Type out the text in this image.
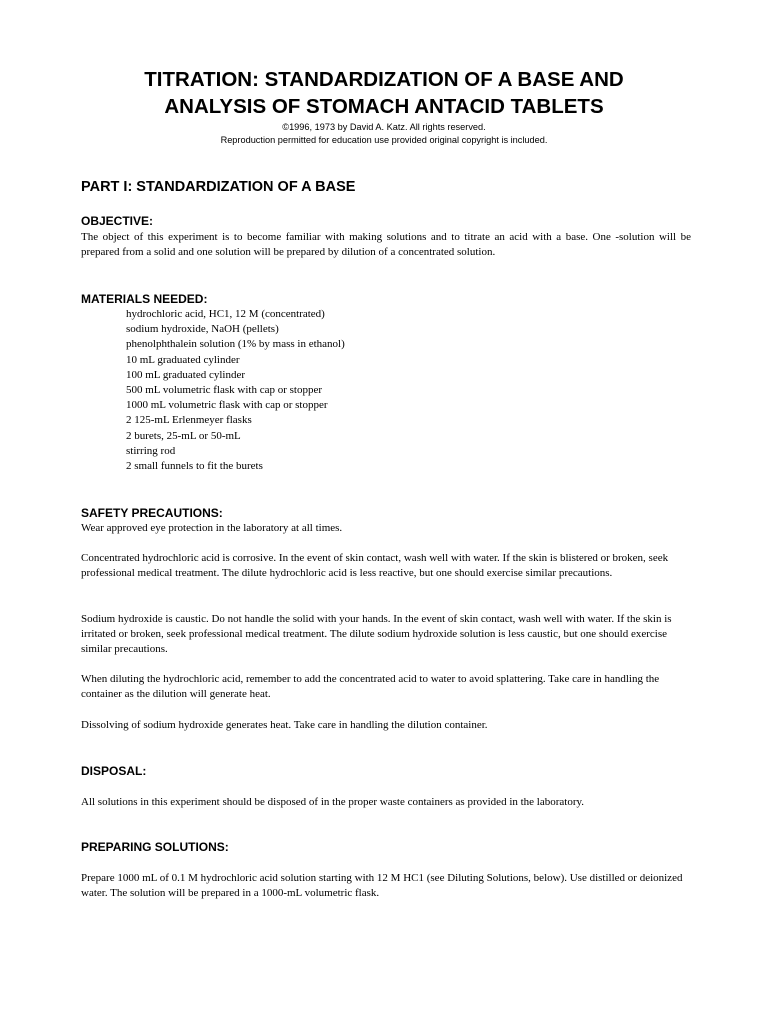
TITRATION: STANDARDIZATION OF A BASE AND
ANALYSIS OF STOMACH ANTACID TABLETS
©1996, 1973 by David A. Katz. All rights reserved.
Reproduction permitted for education use provided original copyright is included.
PART I: STANDARDIZATION OF A BASE
OBJECTIVE:

The object of this experiment is to become familiar with making solutions and to titrate an acid with a base. One -solution will be prepared from a solid and one solution will be prepared by dilution of a concentrated solution.

MATERIALS NEEDED:
hydrochloric acid, HC1, 12 M (concentrated)
sodium hydroxide, NaOH (pellets)
phenolphthalein solution (1% by mass in ethanol)
10 mL graduated cylinder
100 mL graduated cylinder
500 mL volumetric flask with cap or stopper
1000 mL volumetric flask with cap or stopper
2 125-mL Erlenmeyer flasks
2 burets, 25-mL or 50-mL
stirring rod
2 small funnels to fit the burets
SAFETY PRECAUTIONS:

Wear approved eye protection in the laboratory at all times.

Concentrated hydrochloric acid is corrosive. In the event of skin contact, wash well with water. If the skin is blistered or broken, seek professional medical treatment. The dilute hydrochloric acid is less reactive, but one should exercise similar precautions.

Sodium hydroxide is caustic. Do not handle the solid with your hands. In the event of skin contact, wash well with water. If the skin is irritated or broken, seek professional medical treatment. The dilute sodium hydroxide solution is less caustic, but one should exercise similar precautions.

When diluting the hydrochloric acid, remember to add the concentrated acid to water to avoid splattering. Take care in handling the container as the dilution will generate heat.

Dissolving of sodium hydroxide generates heat. Take care in handling the dilution container.

DISPOSAL:

All solutions in this experiment should be disposed of in the proper waste containers as provided in the laboratory.

PREPARING SOLUTIONS:

Prepare 1000 mL of 0.1 M hydrochloric acid solution starting with 12 M HC1 (see Diluting Solutions, below). Use distilled or deionized water. The solution will be prepared in a 1000-mL volumetric flask.
